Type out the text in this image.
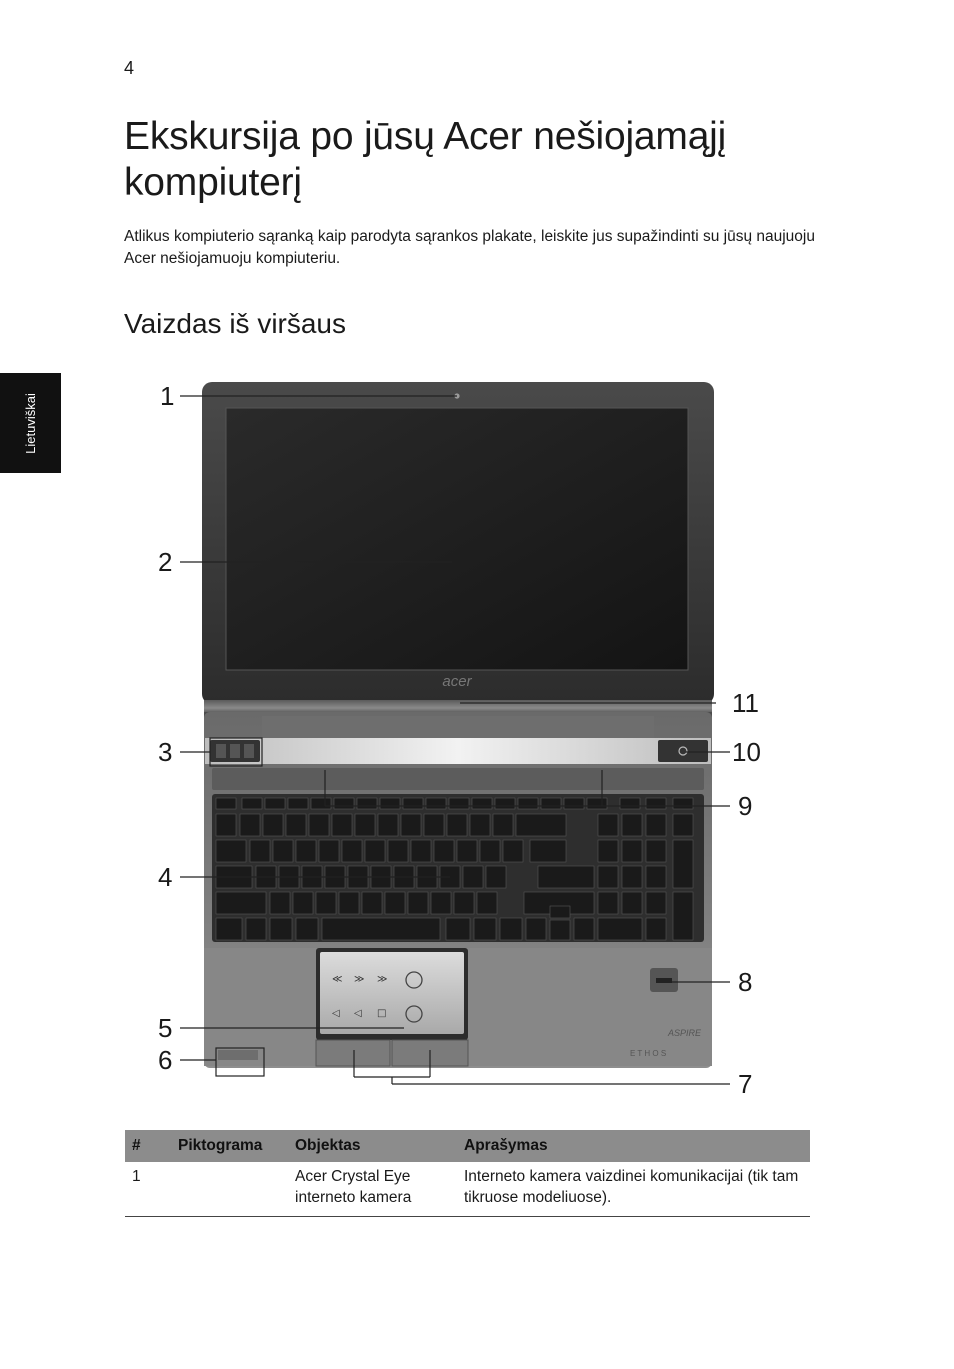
4
Ekskursija po jūsų Acer nešiojamąjį kompiuterį

Atlikus kompiuterio sąranką kaip parodyta sąrankos plakate, leiskite jus supažindinti su jūsų naujuoju Acer nešiojamuoju kompiuteriu.

Vaizdas iš viršaus
Lietuviškai
acer
≪ ≫ ≫
◁ ◁ □
ASPIRE
E T H O S
1
2
3
4
5
6
7
8
9
10
11
#	Piktograma	Objektas	Aprašymas
1		Acer Crystal Eye interneto kamera	Interneto kamera vaizdinei komunikacijai (tik tam tikruose modeliuose).
